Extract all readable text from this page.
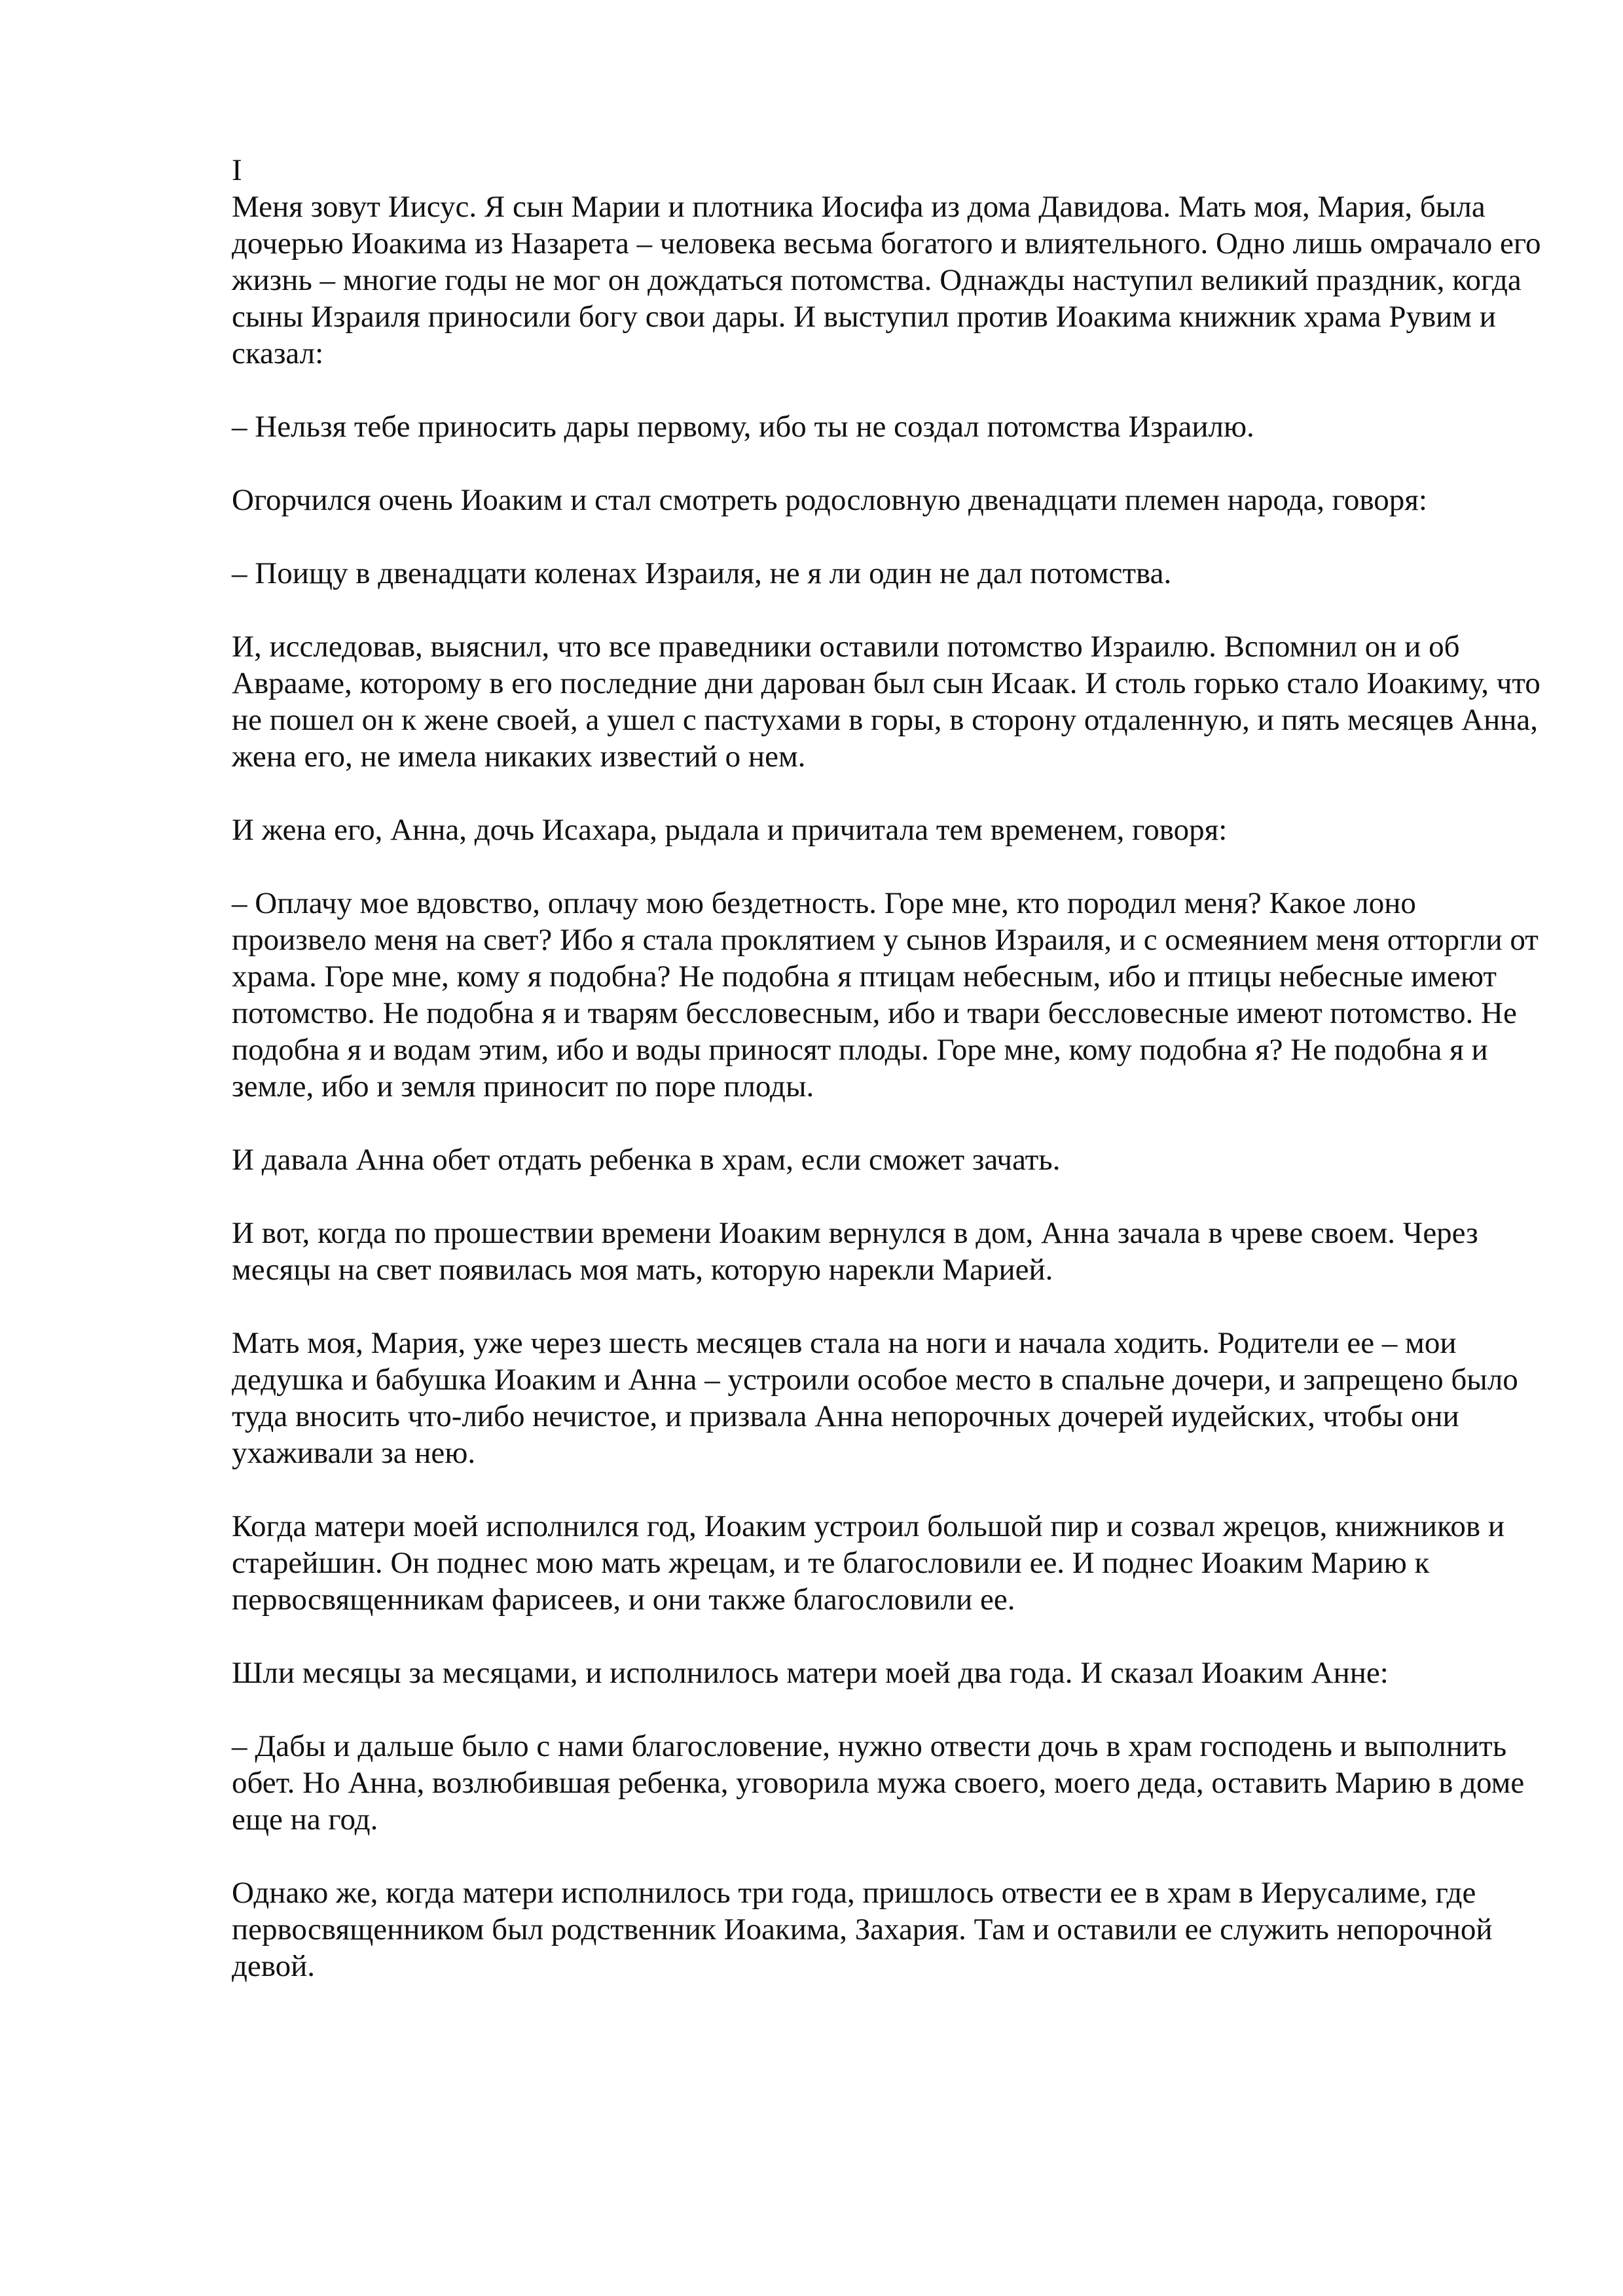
I

Меня зовут Иисус. Я сын Марии и плотника Иосифа из дома Давидова. Мать моя, Мария, была дочерью Иоакима из Назарета – человека весьма богатого и влиятельного. Одно лишь омрачало его жизнь – многие годы не мог он дождаться потомства. Однажды наступил великий праздник, когда сыны Израиля приносили богу свои дары. И выступил против Иоакима книжник храма Рувим и сказал:

– Нельзя тебе приносить дары первому, ибо ты не создал потомства Израилю.

Огорчился очень Иоаким и стал смотреть родословную двенадцати племен народа, говоря:

– Поищу в двенадцати коленах Израиля, не я ли один не дал потомства.

И, исследовав, выяснил, что все праведники оставили потомство Израилю. Вспомнил он и об Аврааме, которому в его последние дни дарован был сын Исаак. И столь горько стало Иоакиму, что не пошел он к жене своей, а ушел с пастухами в горы, в сторону отдаленную, и пять месяцев Анна, жена его, не имела никаких известий о нем.

И жена его, Анна, дочь Исахара, рыдала и причитала тем временем, говоря:

– Оплачу мое вдовство, оплачу мою бездетность. Горе мне, кто породил меня? Какое лоно произвело меня на свет? Ибо я стала проклятием у сынов Израиля, и с осмеянием меня отторгли от храма. Горе мне, кому я подобна? Не подобна я птицам небесным, ибо и птицы небесные имеют потомство. Не подобна я и тварям бессловесным, ибо и твари бессловесные имеют потомство. Не подобна я и водам этим, ибо и воды приносят плоды. Горе мне, кому подобна я? Не подобна я и земле, ибо и земля приносит по поре плоды.

И давала Анна обет отдать ребенка в храм, если сможет зачать.

И вот, когда по прошествии времени Иоаким вернулся в дом, Анна зачала в чреве своем. Через месяцы на свет появилась моя мать, которую нарекли Марией.

Мать моя, Мария, уже через шесть месяцев стала на ноги и начала ходить. Родители ее – мои дедушка и бабушка Иоаким и Анна – устроили особое место в спальне дочери, и запрещено было туда вносить что-либо нечистое, и призвала Анна непорочных дочерей иудейских, чтобы они ухаживали за нею.

Когда матери моей исполнился год, Иоаким устроил большой пир и созвал жрецов, книжников и старейшин. Он поднес мою мать жрецам, и те благословили ее. И поднес Иоаким Марию к первосвященникам фарисеев, и они также благословили ее.

Шли месяцы за месяцами, и исполнилось матери моей два года. И сказал Иоаким Анне:

– Дабы и дальше было с нами благословение, нужно отвести дочь в храм господень и выполнить обет. Но Анна, возлюбившая ребенка, уговорила мужа своего, моего деда, оставить Марию в доме еще на год.

Однако же, когда матери исполнилось три года, пришлось отвести ее в храм в Иерусалиме, где первосвященником был родственник Иоакима, Захария. Там и оставили ее служить непорочной девой.
